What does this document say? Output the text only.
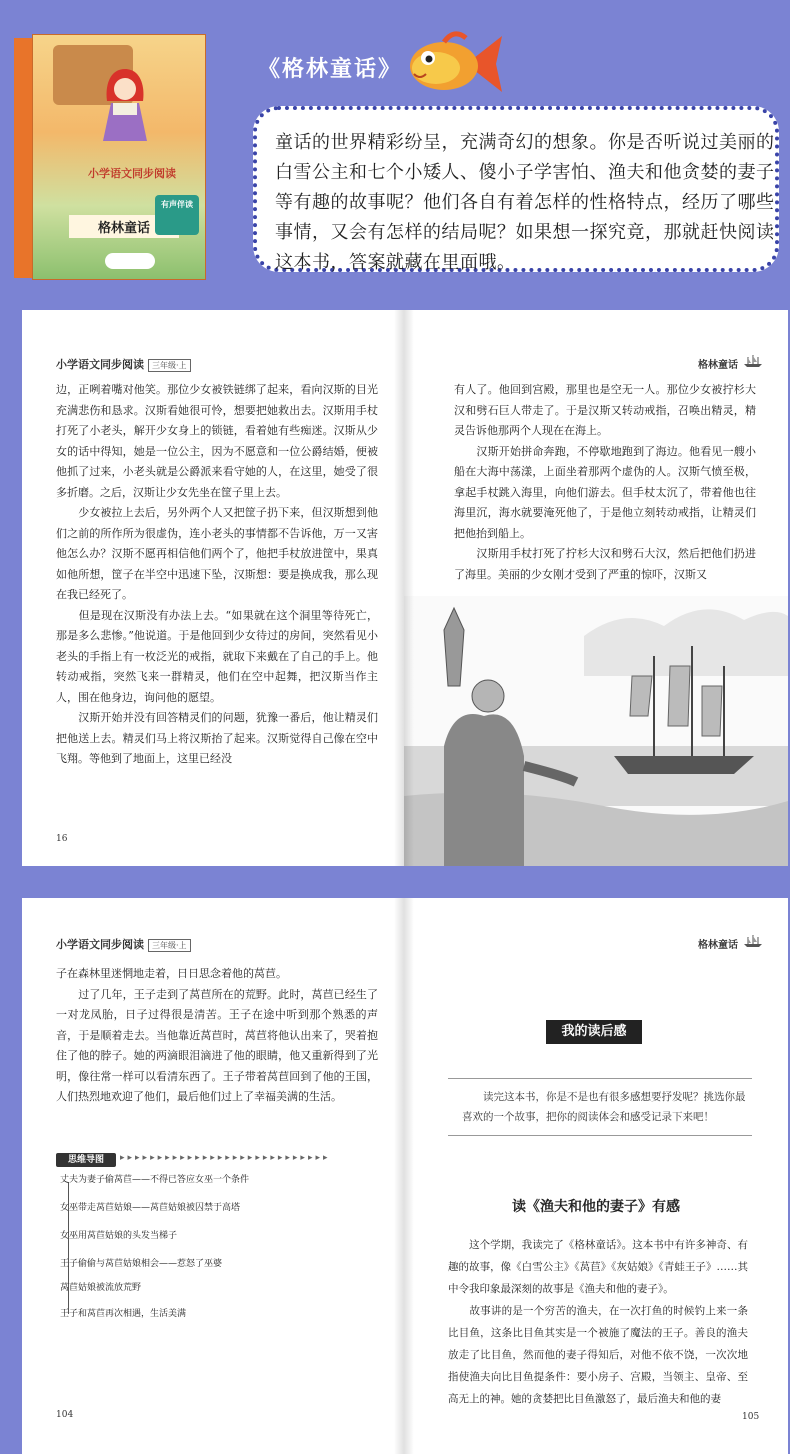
小学语文同步阅读
格林童话
有声伴读
《格林童话》
童话的世界精彩纷呈，充满奇幻的想象。你是否听说过美丽的白雪公主和七个小矮人、傻小子学害怕、渔夫和他贪婪的妻子等有趣的故事呢？他们各自有着怎样的性格特点，经历了哪些事情，又会有怎样的结局呢？如果想一探究竟，那就赶快阅读这本书，答案就藏在里面哦。
小学语文同步阅读 三年级·上
边，正咧着嘴对他笑。那位少女被铁链绑了起来，看向汉斯的目光充满悲伤和恳求。汉斯看她很可怜，想要把她救出去。汉斯用手杖打死了小老头，解开少女身上的锁链，看着她有些痴迷。汉斯从少女的话中得知，她是一位公主，因为不愿意和一位公爵结婚，便被他抓了过来，小老头就是公爵派来看守她的人，在这里，她受了很多折磨。之后，汉斯让少女先坐在筐子里上去。
　　少女被拉上去后，另外两个人又把筐子扔下来，但汉斯想到他们之前的所作所为很虚伪，连小老头的事情都不告诉他，万一又害他怎么办？汉斯不愿再相信他们两个了，他把手杖放进筐中，果真如他所想，筐子在半空中迅速下坠，汉斯想：要是换成我，那么现在我已经死了。
　　但是现在汉斯没有办法上去。“如果就在这个洞里等待死亡，那是多么悲惨。”他说道。于是他回到少女待过的房间，突然看见小老头的手指上有一枚泛光的戒指，就取下来戴在了自己的手上。他转动戒指，突然飞来一群精灵，他们在空中起舞，把汉斯当作主人，围在他身边，询问他的愿望。
　　汉斯开始并没有回答精灵们的问题，犹豫一番后，他让精灵们把他送上去。精灵们马上将汉斯抬了起来。汉斯觉得自己像在空中飞翔。等他到了地面上，这里已经没
16
格林童话
有人了。他回到宫殿，那里也是空无一人。那位少女被拧杉大汉和劈石巨人带走了。于是汉斯又转动戒指，召唤出精灵，精灵告诉他那两个人现在在海上。
　　汉斯开始拼命奔跑，不停歇地跑到了海边。他看见一艘小船在大海中荡漾，上面坐着那两个虚伪的人。汉斯气愤至极，拿起手杖跳入海里，向他们游去。但手杖太沉了，带着他也往海里沉，海水就要淹死他了，于是他立刻转动戒指，让精灵们把他抬到船上。
　　汉斯用手杖打死了拧杉大汉和劈石大汉，然后把他们扔进了海里。美丽的少女刚才受到了严重的惊吓，汉斯又
小学语文同步阅读 三年级·上
子在森林里迷惘地走着，日日思念着他的莴苣。
　　过了几年，王子走到了莴苣所在的荒野。此时，莴苣已经生了一对龙凤胎，日子过得很是清苦。王子在途中听到那个熟悉的声音，于是顺着走去。当他靠近莴苣时，莴苣将他认出来了，哭着抱住了他的脖子。她的两滴眼泪滴进了他的眼睛，他又重新得到了光明，像往常一样可以看清东西了。王子带着莴苣回到了他的王国，人们热烈地欢迎了他们，最后他们过上了幸福美满的生活。
思维导图	▸▸▸▸▸▸▸▸▸▸▸▸▸▸▸▸▸▸▸▸▸▸▸▸▸▸▸▸
丈夫为妻子偷莴苣——不得已答应女巫一个条件
女巫带走莴苣姑娘——莴苣姑娘被囚禁于高塔
女巫用莴苣姑娘的头发当梯子
王子偷偷与莴苣姑娘相会——惹怒了巫婆
莴苣姑娘被流放荒野
王子和莴苣再次相遇，生活美满
104
格林童话
我的读后感
　　读完这本书，你是不是也有很多感想要抒发呢？挑选你最喜欢的一个故事，把你的阅读体会和感受记录下来吧！
读《渔夫和他的妻子》有感
　　这个学期，我读完了《格林童话》。这本书中有许多神奇、有趣的故事，像《白雪公主》《莴苣》《灰姑娘》《青蛙王子》……其中令我印象最深刻的故事是《渔夫和他的妻子》。
　　故事讲的是一个穷苦的渔夫，在一次打鱼的时候钓上来一条比目鱼，这条比目鱼其实是一个被施了魔法的王子。善良的渔夫放走了比目鱼，然而他的妻子得知后，对他不依不饶，一次次地指使渔夫向比目鱼提条件：要小房子、宫殿，当领主、皇帝、至高无上的神。她的贪婪把比目鱼激怒了，最后渔夫和他的妻
105
